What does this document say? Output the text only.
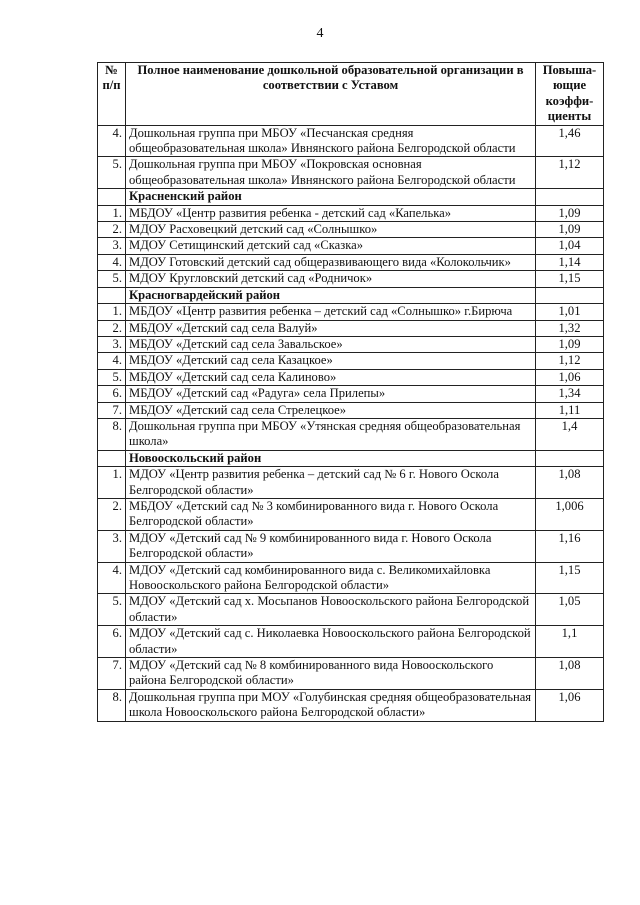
4
№ п/п	Полное наименование дошкольной образовательной организации в соответствии с Уставом	Повыша-ющие коэффи-циенты
4.	Дошкольная группа при МБОУ «Песчанская средняя общеобразовательная школа» Ивнянского района Белгородской области	1,46
5.	Дошкольная группа при МБОУ «Покровская основная общеобразовательная школа» Ивнянского района Белгородской области	1,12
	Красненский район	
1.	МБДОУ «Центр развития ребенка - детский сад «Капелька»	1,09
2.	МДОУ Расховецкий детский сад «Солнышко»	1,09
3.	МДОУ Сетищинский детский сад «Сказка»	1,04
4.	МДОУ Готовский детский сад общеразвивающего вида «Колокольчик»	1,14
5.	МДОУ Кругловский детский сад «Родничок»	1,15
	Красногвардейский район	
1.	МБДОУ «Центр развития ребенка – детский сад «Солнышко» г.Бирюча	1,01
2.	МБДОУ «Детский сад села Валуй»	1,32
3.	МБДОУ «Детский сад села Завальское»	1,09
4.	МБДОУ «Детский сад села Казацкое»	1,12
5.	МБДОУ «Детский сад села Калиново»	1,06
6.	МБДОУ «Детский сад «Радуга» села Прилепы»	1,34
7.	МБДОУ «Детский сад села Стрелецкое»	1,11
8.	Дошкольная группа при МБОУ «Утянская средняя общеобразовательная школа»	1,4
	Новооскольский район	
1.	МДОУ «Центр развития ребенка – детский сад № 6 г. Нового Оскола Белгородской области»	1,08
2.	МБДОУ «Детский сад № 3 комбинированного вида г. Нового Оскола Белгородской области»	1,006
3.	МДОУ «Детский сад № 9 комбинированного вида г. Нового Оскола Белгородской области»	1,16
4.	МДОУ «Детский сад комбинированного вида с. Великомихайловка Новооскольского района Белгородской области»	1,15
5.	МДОУ «Детский сад х. Мосьпанов Новооскольского района Белгородской области»	1,05
6.	МДОУ «Детский сад с. Николаевка Новооскольского района Белгородской области»	1,1
7.	МДОУ «Детский сад № 8 комбинированного вида Новооскольского района Белгородской области»	1,08
8.	Дошкольная группа при МОУ «Голубинская средняя общеобразовательная школа Новооскольского района Белгородской области»	1,06
